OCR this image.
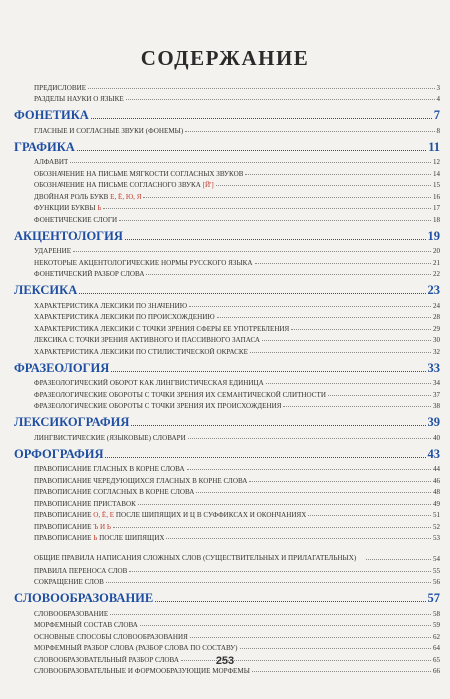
СОДЕРЖАНИЕ
ПРЕДИСЛОВИЕ	3
РАЗДЕЛЫ НАУКИ О ЯЗЫКЕ	4
ФОНЕТИКА	7
ГЛАСНЫЕ И СОГЛАСНЫЕ ЗВУКИ (ФОНЕМЫ)	8
ГРАФИКА	11
АЛФАВИТ	12
ОБОЗНАЧЕНИЕ НА ПИСЬМЕ МЯГКОСТИ СОГЛАСНЫХ ЗВУКОВ	14
ОБОЗНАЧЕНИЕ НА ПИСЬМЕ СОГЛАСНОГО ЗВУКА [Й']	15
ДВОЙНАЯ РОЛЬ БУКВ Е, Ё, Ю, Я	16
ФУНКЦИИ БУКВЫ Ь	17
ФОНЕТИЧЕСКИЕ СЛОГИ	18
АКЦЕНТОЛОГИЯ	19
УДАРЕНИЕ	20
НЕКОТОРЫЕ АКЦЕНТОЛОГИЧЕСКИЕ НОРМЫ РУССКОГО ЯЗЫКА	21
ФОНЕТИЧЕСКИЙ РАЗБОР СЛОВА	22
ЛЕКСИКА	23
ХАРАКТЕРИСТИКА ЛЕКСИКИ ПО ЗНАЧЕНИЮ	24
ХАРАКТЕРИСТИКА ЛЕКСИКИ ПО ПРОИСХОЖДЕНИЮ	28
ХАРАКТЕРИСТИКА ЛЕКСИКИ С ТОЧКИ ЗРЕНИЯ СФЕРЫ ЕЕ УПОТРЕБЛЕНИЯ	29
ЛЕКСИКА С ТОЧКИ ЗРЕНИЯ АКТИВНОГО И ПАССИВНОГО ЗАПАСА	30
ХАРАКТЕРИСТИКА ЛЕКСИКИ ПО СТИЛИСТИЧЕСКОЙ ОКРАСКЕ	32
ФРАЗЕОЛОГИЯ	33
ФРАЗЕОЛОГИЧЕСКИЙ ОБОРОТ КАК ЛИНГВИСТИЧЕСКАЯ ЕДИНИЦА	34
ФРАЗЕОЛОГИЧЕСКИЕ ОБОРОТЫ С ТОЧКИ ЗРЕНИЯ ИХ СЕМАНТИЧЕСКОЙ СЛИТНОСТИ	37
ФРАЗЕОЛОГИЧЕСКИЕ ОБОРОТЫ С ТОЧКИ ЗРЕНИЯ ИХ ПРОИСХОЖДЕНИЯ	38
ЛЕКСИКОГРАФИЯ	39
ЛИНГВИСТИЧЕСКИЕ (ЯЗЫКОВЫЕ) СЛОВАРИ	40
ОРФОГРАФИЯ	43
ПРАВОПИСАНИЕ ГЛАСНЫХ В КОРНЕ СЛОВА	44
ПРАВОПИСАНИЕ ЧЕРЕДУЮЩИХСЯ ГЛАСНЫХ В КОРНЕ СЛОВА	46
ПРАВОПИСАНИЕ СОГЛАСНЫХ В КОРНЕ СЛОВА	48
ПРАВОПИСАНИЕ ПРИСТАВОК	49
ПРАВОПИСАНИЕ О, Ё, Е ПОСЛЕ ШИПЯЩИХ И Ц В СУФФИКСАХ И ОКОНЧАНИЯХ	51
ПРАВОПИСАНИЕ Ъ И Ь	52
ПРАВОПИСАНИЕ Ь ПОСЛЕ ШИПЯЩИХ	53
ОБЩИЕ ПРАВИЛА НАПИСАНИЯ СЛОЖНЫХ СЛОВ (СУЩЕСТВИТЕЛЬНЫХ И ПРИЛАГАТЕЛЬНЫХ)	54
ПРАВИЛА ПЕРЕНОСА СЛОВ	55
СОКРАЩЕНИЕ СЛОВ	56
СЛОВООБРАЗОВАНИЕ	57
СЛОВООБРАЗОВАНИЕ	58
МОРФЕМНЫЙ СОСТАВ СЛОВА	59
ОСНОВНЫЕ СПОСОБЫ СЛОВООБРАЗОВАНИЯ	62
МОРФЕМНЫЙ РАЗБОР СЛОВА (РАЗБОР СЛОВА ПО СОСТАВУ)	64
СЛОВООБРАЗОВАТЕЛЬНЫЙ РАЗБОР СЛОВА	65
СЛОВООБРАЗОВАТЕЛЬНЫЕ И ФОРМООБРАЗУЮЩИЕ МОРФЕМЫ	66
253
